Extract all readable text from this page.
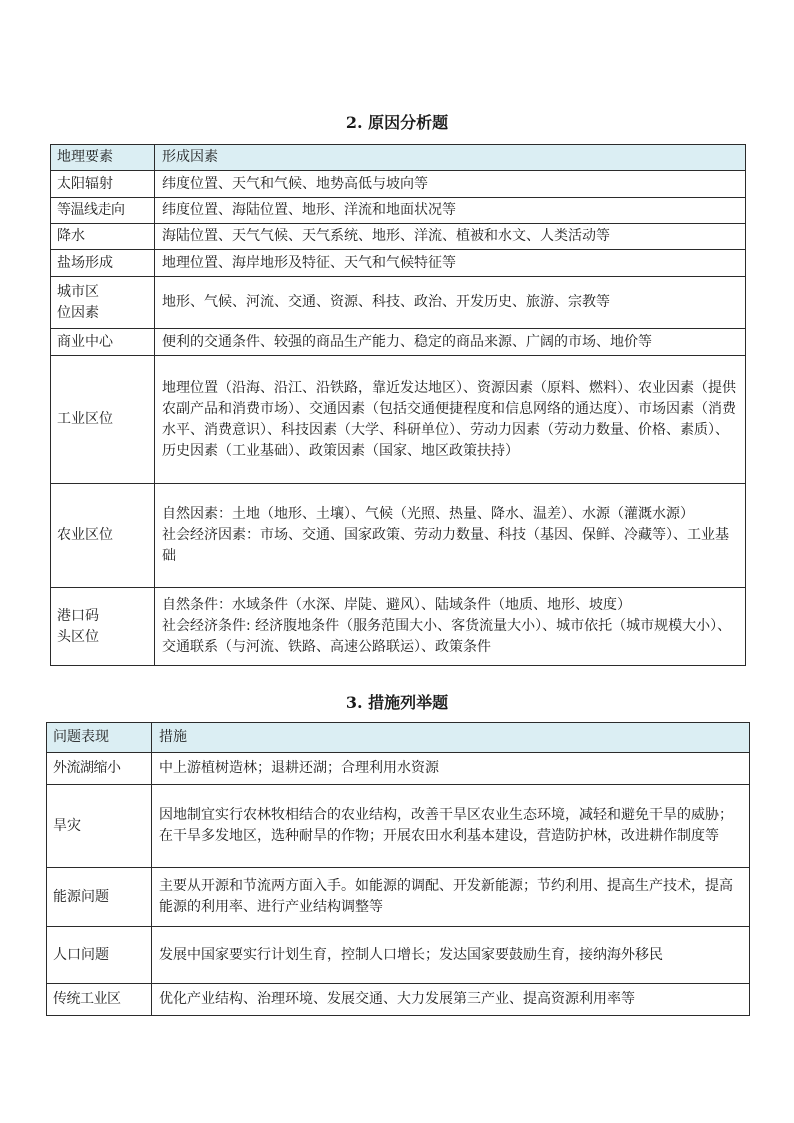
2. 原因分析题
地理要素	形成因素
太阳辐射	纬度位置、天气和气候、地势高低与坡向等
等温线走向	纬度位置、海陆位置、地形、洋流和地面状况等
降水	海陆位置、天气气候、天气系统、地形、洋流、植被和水文、人类活动等
盐场形成	地理位置、海岸地形及特征、天气和气候特征等
城市区
位因素	地形、气候、河流、交通、资源、科技、政治、开发历史、旅游、宗教等
商业中心	便利的交通条件、较强的商品生产能力、稳定的商品来源、广阔的市场、地价等
工业区位	地理位置（沿海、沿江、沿铁路，靠近发达地区）、资源因素（原料、燃料）、农业因素（提供农副产品和消费市场）、交通因素（包括交通便捷程度和信息网络的通达度）、市场因素（消费水平、消费意识）、科技因素（大学、科研单位）、劳动力因素（劳动力数量、价格、素质）、历史因素（工业基础）、政策因素（国家、地区政策扶持）
农业区位	自然因素：土地（地形、土壤）、气候（光照、热量、降水、温差）、水源（灌溉水源）
社会经济因素：市场、交通、国家政策、劳动力数量、科技（基因、保鲜、冷藏等）、工业基础
港口码
头区位	自然条件：水域条件（水深、岸陡、避风）、陆域条件（地质、地形、坡度）
社会经济条件: 经济腹地条件（服务范围大小、客货流量大小）、城市依托（城市规模大小）、交通联系（与河流、铁路、高速公路联运）、政策条件
3. 措施列举题
问题表现	措施
外流湖缩小	中上游植树造林；退耕还湖；合理利用水资源
旱灾	因地制宜实行农林牧相结合的农业结构，改善干旱区农业生态环境，减轻和避免干旱的威胁；在干旱多发地区，选种耐旱的作物；开展农田水利基本建设，营造防护林，改进耕作制度等
能源问题	主要从开源和节流两方面入手。如能源的调配、开发新能源；节约利用、提高生产技术，提高能源的利用率、进行产业结构调整等
人口问题	发展中国家要实行计划生育，控制人口增长；发达国家要鼓励生育，接纳海外移民
传统工业区	优化产业结构、治理环境、发展交通、大力发展第三产业、提高资源利用率等
